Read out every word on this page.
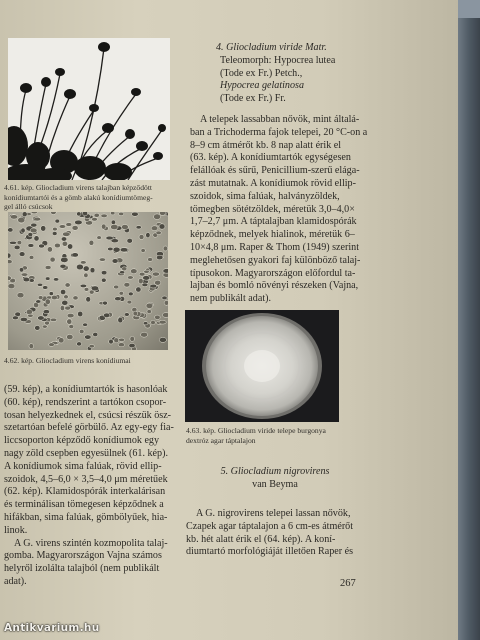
4.61. kép. Gliocladium virens talajban képződött
konídiumtartói és a gömb alakú konídiumtömeg-
gel álló csúcsok
4.62. kép. Gliocladium virens konídiumai
(59. kép), a konídiumtartók is hasonlóak
(60. kép), rendszerint a tartókon csopor-
tosan helyezkednek el, csúcsi részük ösz-
szetartóan befelé görbülő. Az egy-egy fia-
liccsoporton képződő konídiumok egy
nagy zöld csepben egyesülnek (61. kép).
A konídiumok sima falúak, rövid ellip-
szoidok, 4,5–6,0 × 3,5–4,0 μm méretűek
(62. kép). Klamidospórák interkalárisan
és terminálisan tömegesen képződnek a
hifákban, sima falúak, gömbölyűek, hia-
linok.
A G. virens szintén kozmopolita talaj-
gomba. Magyarországon Vajna számos
helyről izolálta talajból (nem publikált
adat).
4. Gliocladium viride Matr.
Teleomorph: Hypocrea lutea
(Tode ex Fr.) Petch.,
Hypocrea gelatinosa
(Tode ex Fr.) Fr.
A telepek lassabban nővök, mint általá-
ban a Trichoderma fajok telepei, 20 °C-on a
8–9 cm átmérőt kb. 8 nap alatt érik el
(63. kép). A konídiumtartók egységesen
felállóak és sűrű, Penicillium-szerű elága-
zást mutatnak. A konídiumok rövid ellip-
szoidok, sima falúak, halványzöldek,
tömegben sötétzöldek, méretük 3,0–4,0×
1,7–2,7 μm. A táptalajban klamidospórák
képződnek, melyek hialinok, méretük 6–
10×4,8 μm. Raper & Thom (1949) szerint
meglehetősen gyakori faj különböző talaj-
típusokon. Magyarországon előfordul ta-
lajban és bomló növényi részeken (Vajna,
nem publikált adat).
4.63. kép. Gliocladium viride telepe burgonya
dextróz agar táptalajon
5. Gliocladium nigrovirens
van Beyma
A G. nigrovirens telepei lassan nővök,
Czapek agar táptalajon a 6 cm-es átmérőt
kb. hét alatt érik el (64. kép). A koní-
diumtartó morfológiáját illetően Raper és
267
Antikvarium.hu
